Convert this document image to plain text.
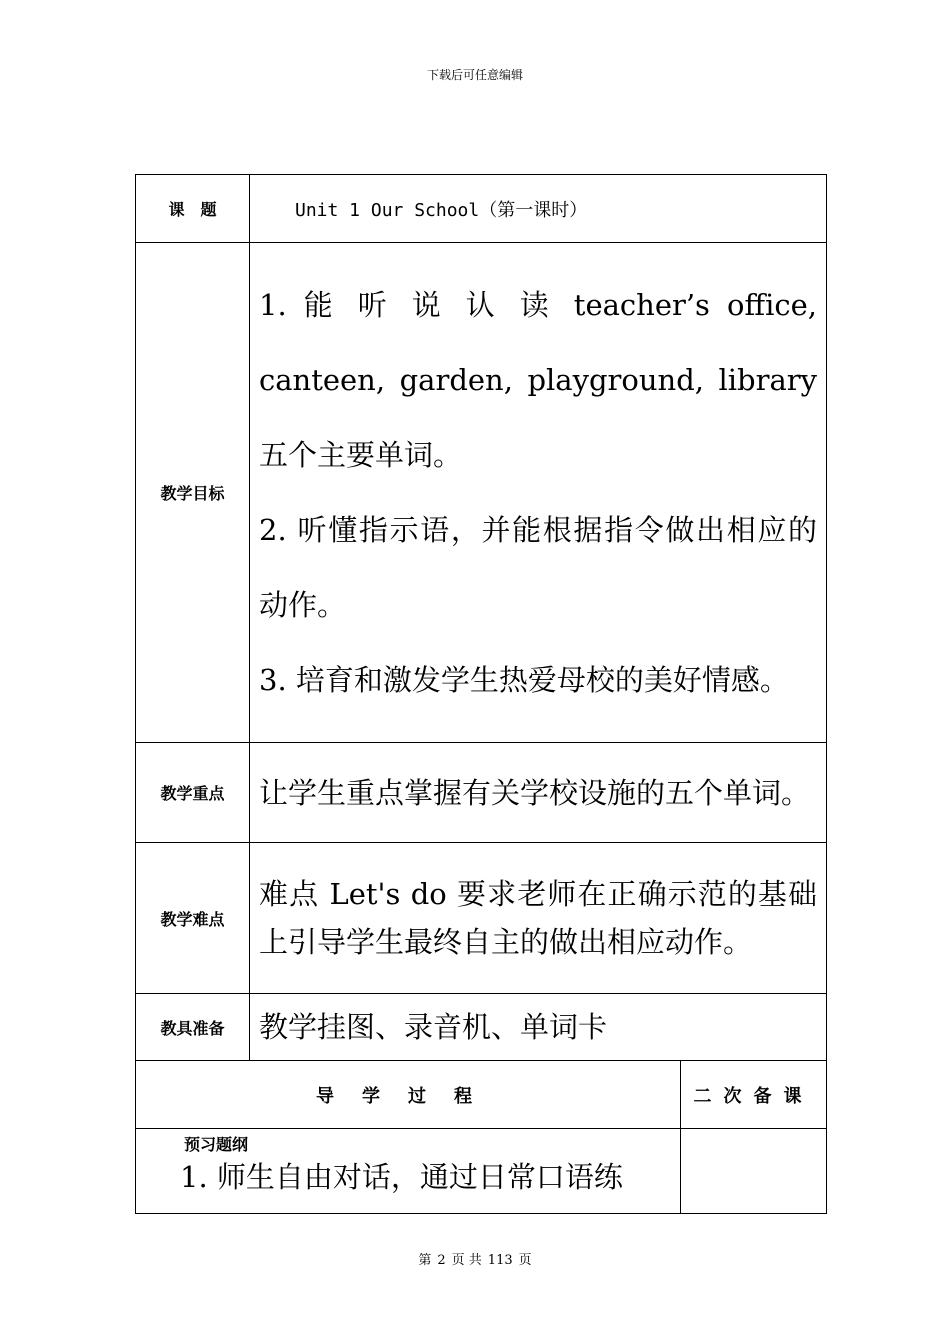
下载后可任意编辑
课　题	Unit 1 Our School（第一课时）	
教学目标	1. 能 听 说 认 读 teacher’s office, canteen, garden, playground, library 五个主要单词。
2. 听懂指示语，并能根据指令做出相应的动作。
3. 培育和激发学生热爱母校的美好情感。	

教学重点	让学生重点掌握有关学校设施的五个单词。	
教学难点	难点 Let's do 要求老师在正确示范的基础上引导学生最终自主的做出相应动作。	
教具准备	教学挂图、录音机、单词卡	
导学过程		二次备课

预习题纲
1. 师生自由对话，通过日常口语练		

第 2 页 共 113 页
